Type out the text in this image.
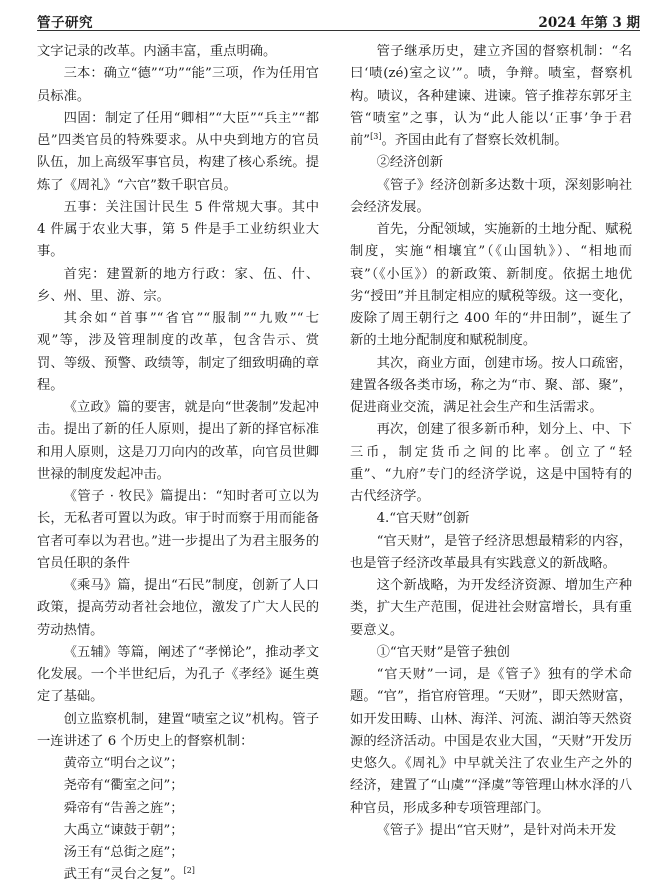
管子研究	2024 年第 3 期

文字记录的改革。内涵丰富，重点明确。

三本：确立“德”“功”“能”三项，作为任用官员标准。

四固：制定了任用“卿相”“大臣”“兵主”“都邑”四类官员的特殊要求。从中央到地方的官员队伍，加上高级军事官员，构建了核心系统。提炼了《周礼》“六官”数千职官员。

五事：关注国计民生 5 件常规大事。其中 4 件属于农业大事，第 5 件是手工业纺织业大事。

首宪：建置新的地方行政：家、伍、什、乡、州、里、游、宗。

其余如“首事”“省官”“服制”“九败”“七观”等，涉及管理制度的改革，包含告示、赏罚、等级、预警、政绩等，制定了细致明确的章程。

《立政》篇的要害，就是向“世袭制”发起冲击。提出了新的任人原则，提出了新的择官标准和用人原则，这是刀刀向内的改革，向官员世卿世禄的制度发起冲击。

《管子 · 牧民》篇提出：“知时者可立以为长，无私者可置以为政。审于时而察于用而能备官者可奉以为君也。”进一步提出了为君主服务的官员任职的条件

《乘马》篇，提出“石民”制度，创新了人口政策，提高劳动者社会地位，激发了广大人民的劳动热情。

《五辅》等篇，阐述了“孝悌论”，推动孝文化发展。一个半世纪后，为孔子《孝经》诞生奠定了基础。

创立监察机制，建置“啧室之议”机构。管子一连讲述了 6 个历史上的督察机制：

黄帝立“明台之议”；

尧帝有“衢室之问”；

舜帝有“告善之旌”；

大禹立“谏鼓于朝”；

汤王有“总街之庭”；

武王有“灵台之复”。[2]

管子继承历史，建立齐国的督察机制：“名曰‘啧(zé)室之议’”。啧，争辩。啧室，督察机构。啧议，各种建谏、进谏。管子推荐东郭牙主管“啧室”之事，认为“此人能以‘正事’争于君前”[3]。齐国由此有了督察长效机制。

②经济创新

《管子》经济创新多达数十项，深刻影响社会经济发展。

首先，分配领域，实施新的土地分配、赋税制度，实施“相壤宜”（《山国轨》）、“相地而衰”（《小匡》）的新政策、新制度。依据土地优劣“授田”并且制定相应的赋税等级。这一变化，废除了周王朝行之 400 年的“井田制”，诞生了新的土地分配制度和赋税制度。

其次，商业方面，创建市场。按人口疏密，建置各级各类市场，称之为“市、聚、部、聚”，促进商业交流，满足社会生产和生活需求。

再次，创建了很多新币种，划分上、中、下三币，制定货币之间的比率。创立了“轻重”、“九府”专门的经济学说，这是中国特有的古代经济学。

4.“官天财”创新

“官天财”，是管子经济思想最精彩的内容，也是管子经济改革最具有实践意义的新战略。

这个新战略，为开发经济资源、增加生产种类，扩大生产范围，促进社会财富增长，具有重要意义。

①“官天财”是管子独创

“官天财”一词，是《管子》独有的学术命题。“官”，指官府管理。“天财”，即天然财富，如开发田畴、山林、海洋、河流、湖泊等天然资源的经济活动。中国是农业大国，“天财”开发历史悠久。《周礼》中早就关注了农业生产之外的经济，建置了“山虞”“泽虞”等管理山林水泽的八种官员，形成多种专项管理部门。

《管子》提出“官天财”，是针对尚未开发
